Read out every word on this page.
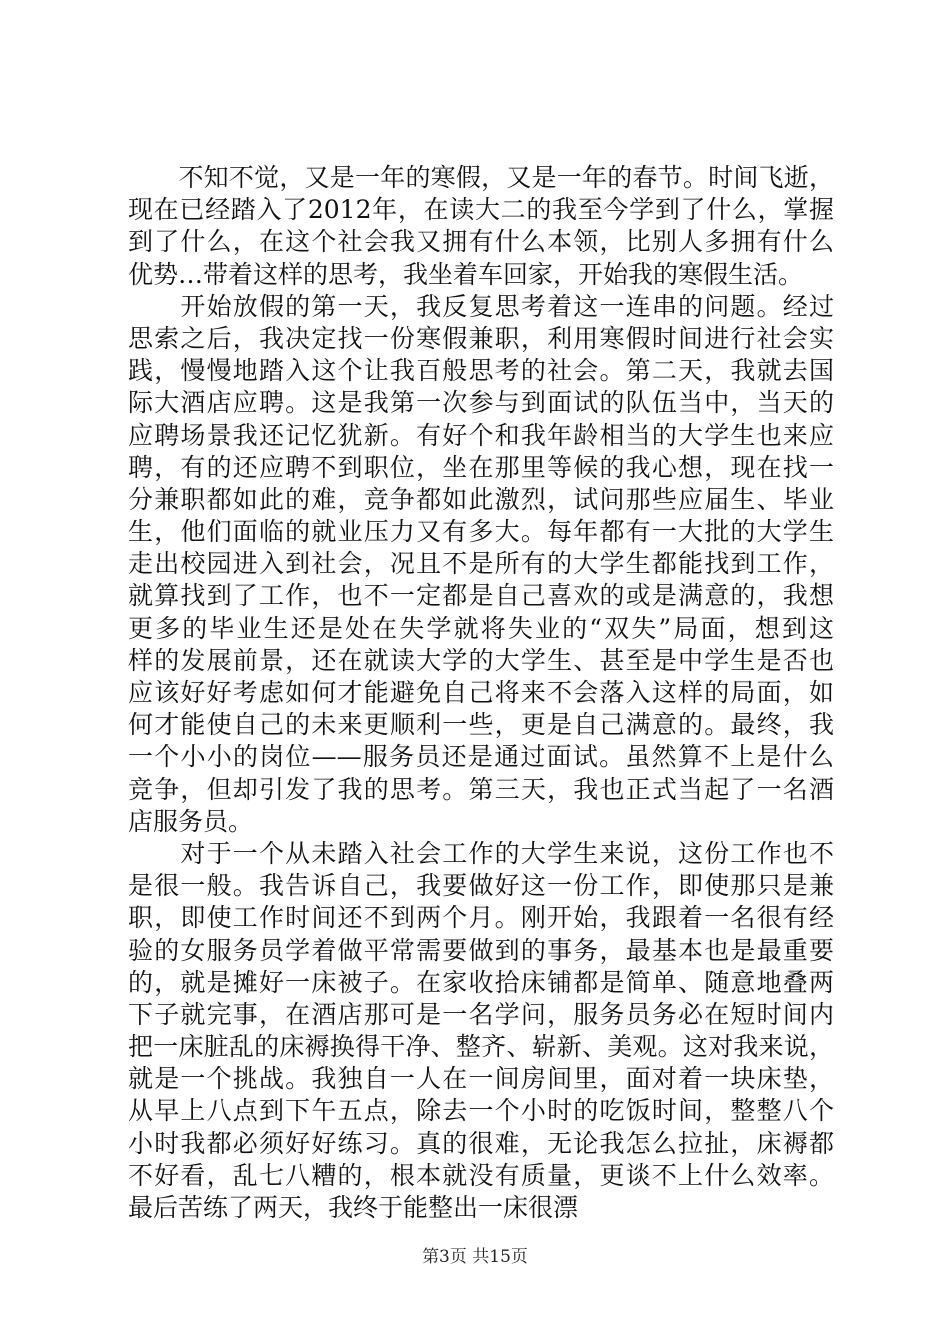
　　不知不觉，又是一年的寒假，又是一年的春节。时间飞逝，
现在已经踏入了2012年，在读大二的我至今学到了什么，掌握
到了什么，在这个社会我又拥有什么本领，比别人多拥有什么
优势…带着这样的思考，我坐着车回家，开始我的寒假生活。
　　开始放假的第一天，我反复思考着这一连串的问题。经过
思索之后，我决定找一份寒假兼职，利用寒假时间进行社会实
践，慢慢地踏入这个让我百般思考的社会。第二天，我就去国
际大酒店应聘。这是我第一次参与到面试的队伍当中，当天的
应聘场景我还记忆犹新。有好个和我年龄相当的大学生也来应
聘，有的还应聘不到职位，坐在那里等候的我心想，现在找一
分兼职都如此的难，竞争都如此激烈，试问那些应届生、毕业
生，他们面临的就业压力又有多大。每年都有一大批的大学生
走出校园进入到社会，况且不是所有的大学生都能找到工作，
就算找到了工作，也不一定都是自己喜欢的或是满意的，我想
更多的毕业生还是处在失学就将失业的“双失”局面，想到这
样的发展前景，还在就读大学的大学生、甚至是中学生是否也
应该好好考虑如何才能避免自己将来不会落入这样的局面，如
何才能使自己的未来更顺利一些，更是自己满意的。最终，我
一个小小的岗位——服务员还是通过面试。虽然算不上是什么
竞争，但却引发了我的思考。第三天，我也正式当起了一名酒
店服务员。
　　对于一个从未踏入社会工作的大学生来说，这份工作也不
是很一般。我告诉自己，我要做好这一份工作，即使那只是兼
职，即使工作时间还不到两个月。刚开始，我跟着一名很有经
验的女服务员学着做平常需要做到的事务，最基本也是最重要
的，就是摊好一床被子。在家收拾床铺都是简单、随意地叠两
下子就完事，在酒店那可是一名学问，服务员务必在短时间内
把一床脏乱的床褥换得干净、整齐、崭新、美观。这对我来说，
就是一个挑战。我独自一人在一间房间里，面对着一块床垫，
从早上八点到下午五点，除去一个小时的吃饭时间，整整八个
小时我都必须好好练习。真的很难，无论我怎么拉扯，床褥都
不好看，乱七八糟的，根本就没有质量，更谈不上什么效率。
最后苦练了两天，我终于能整出一床很漂
第3页 共15页
